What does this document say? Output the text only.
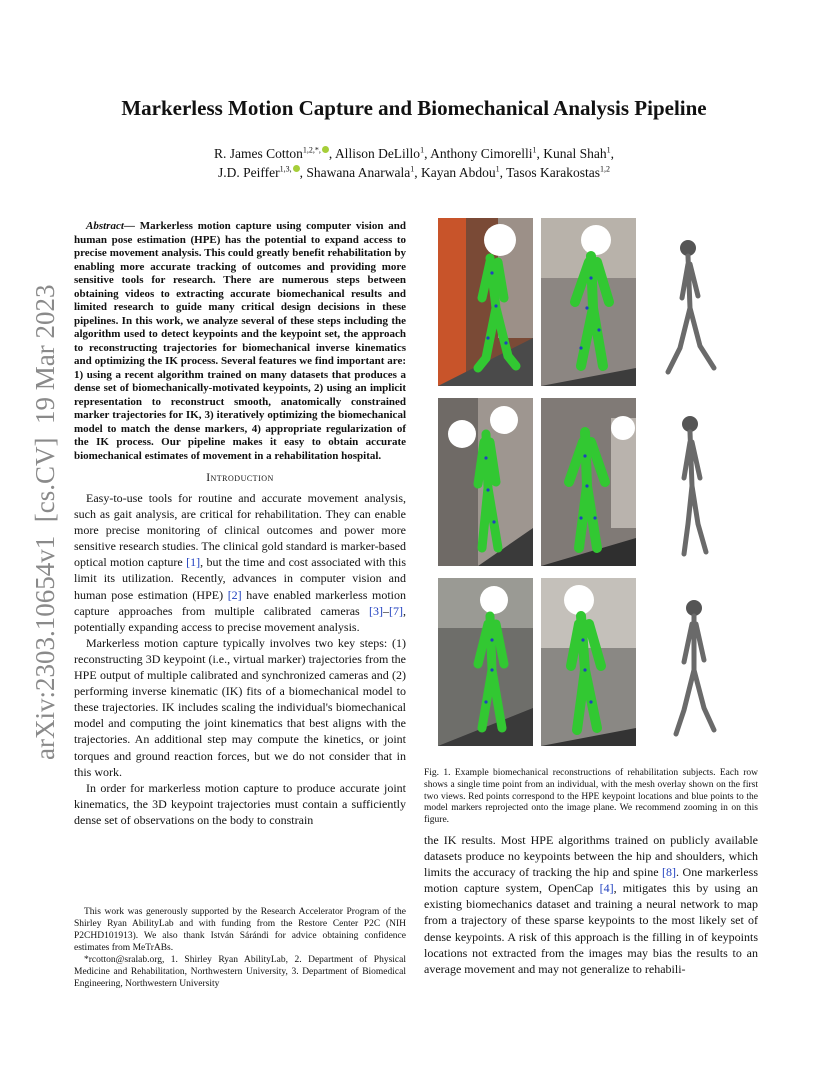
arXiv:2303.10654v1  [cs.CV]  19 Mar 2023
Markerless Motion Capture and Biomechanical Analysis Pipeline
R. James Cotton$^{1,2,*,}$ , Allison DeLillo$^1$, Anthony Cimorelli$^1$, Kunal Shah$^1$,
J.D. Peiffer$^{1,3,}$ , Shawana Anarwala$^1$, Kayan Abdou$^1$, Tasos Karakostas$^{1,2}$

Abstract— Markerless motion capture using computer vision and human pose estimation (HPE) has the potential to expand access to precise movement analysis. This could greatly benefit rehabilitation by enabling more accurate tracking of outcomes and providing more sensitive tools for research. There are numerous steps between obtaining videos to extracting accurate biomechanical results and limited research to guide many critical design decisions in these pipelines. In this work, we analyze several of these steps including the algorithm used to detect keypoints and the keypoint set, the approach to reconstructing trajectories for biomechanical inverse kinematics and optimizing the IK process. Several features we find important are: 1) using a recent algorithm trained on many datasets that produces a dense set of biomechanically-motivated keypoints, 2) using an implicit representation to reconstruct smooth, anatomically constrained marker trajectories for IK, 3) iteratively optimizing the biomechanical model to match the dense markers, 4) appropriate regularization of the IK process. Our pipeline makes it easy to obtain accurate biomechanical estimates of movement in a rehabilitation hospital.

Introduction

Easy-to-use tools for routine and accurate movement analysis, such as gait analysis, are critical for rehabilitation. They can enable more precise monitoring of clinical outcomes and power more sensitive research studies. The clinical gold standard is marker-based optical motion capture [1], but the time and cost associated with this limit its utilization. Recently, advances in computer vision and human pose estimation (HPE) [2] have enabled markerless motion capture approaches from multiple calibrated cameras [3]–[7], potentially expanding access to precise movement analysis.

Markerless motion capture typically involves two key steps: (1) reconstructing 3D keypoint (i.e., virtual marker) trajectories from the HPE output of multiple calibrated and synchronized cameras and (2) performing inverse kinematic (IK) fits of a biomechanical model to these trajectories. IK includes scaling the individual's biomechanical model and computing the joint kinematics that best aligns with the trajectories. An additional step may compute the kinetics, or joint torques and ground reaction forces, but we do not consider that in this work.

In order for markerless motion capture to produce accurate joint kinematics, the 3D keypoint trajectories must contain a sufficiently dense set of observations on the body to constrain

This work was generously supported by the Research Accelerator Program of the Shirley Ryan AbilityLab and with funding from the Restore Center P2C (NIH P2CHD101913). We also thank István Sárándi for advice obtaining confidence estimates from MeTrABs.

*rcotton@sralab.org, 1. Shirley Ryan AbilityLab, 2. Department of Physical Medicine and Rehabilitation, Northwestern University, 3. Department of Biomedical Engineering, Northwestern University

Fig. 1. Example biomechanical reconstructions of rehabilitation subjects. Each row shows a single time point from an individual, with the mesh overlay shown on the first two views. Red points correspond to the HPE keypoint locations and blue points to the model markers reprojected onto the image plane. We recommend zooming in on this figure.

the IK results. Most HPE algorithms trained on publicly available datasets produce no keypoints between the hip and shoulders, which limits the accuracy of tracking the hip and spine [8]. One markerless motion capture system, OpenCap [4], mitigates this by using an existing biomechanics dataset and training a neural network to map from a trajectory of these sparse keypoints to the most likely set of dense keypoints. A risk of this approach is the filling in of keypoints locations not extracted from the images may bias the results to an average movement and may not generalize to rehabili-
